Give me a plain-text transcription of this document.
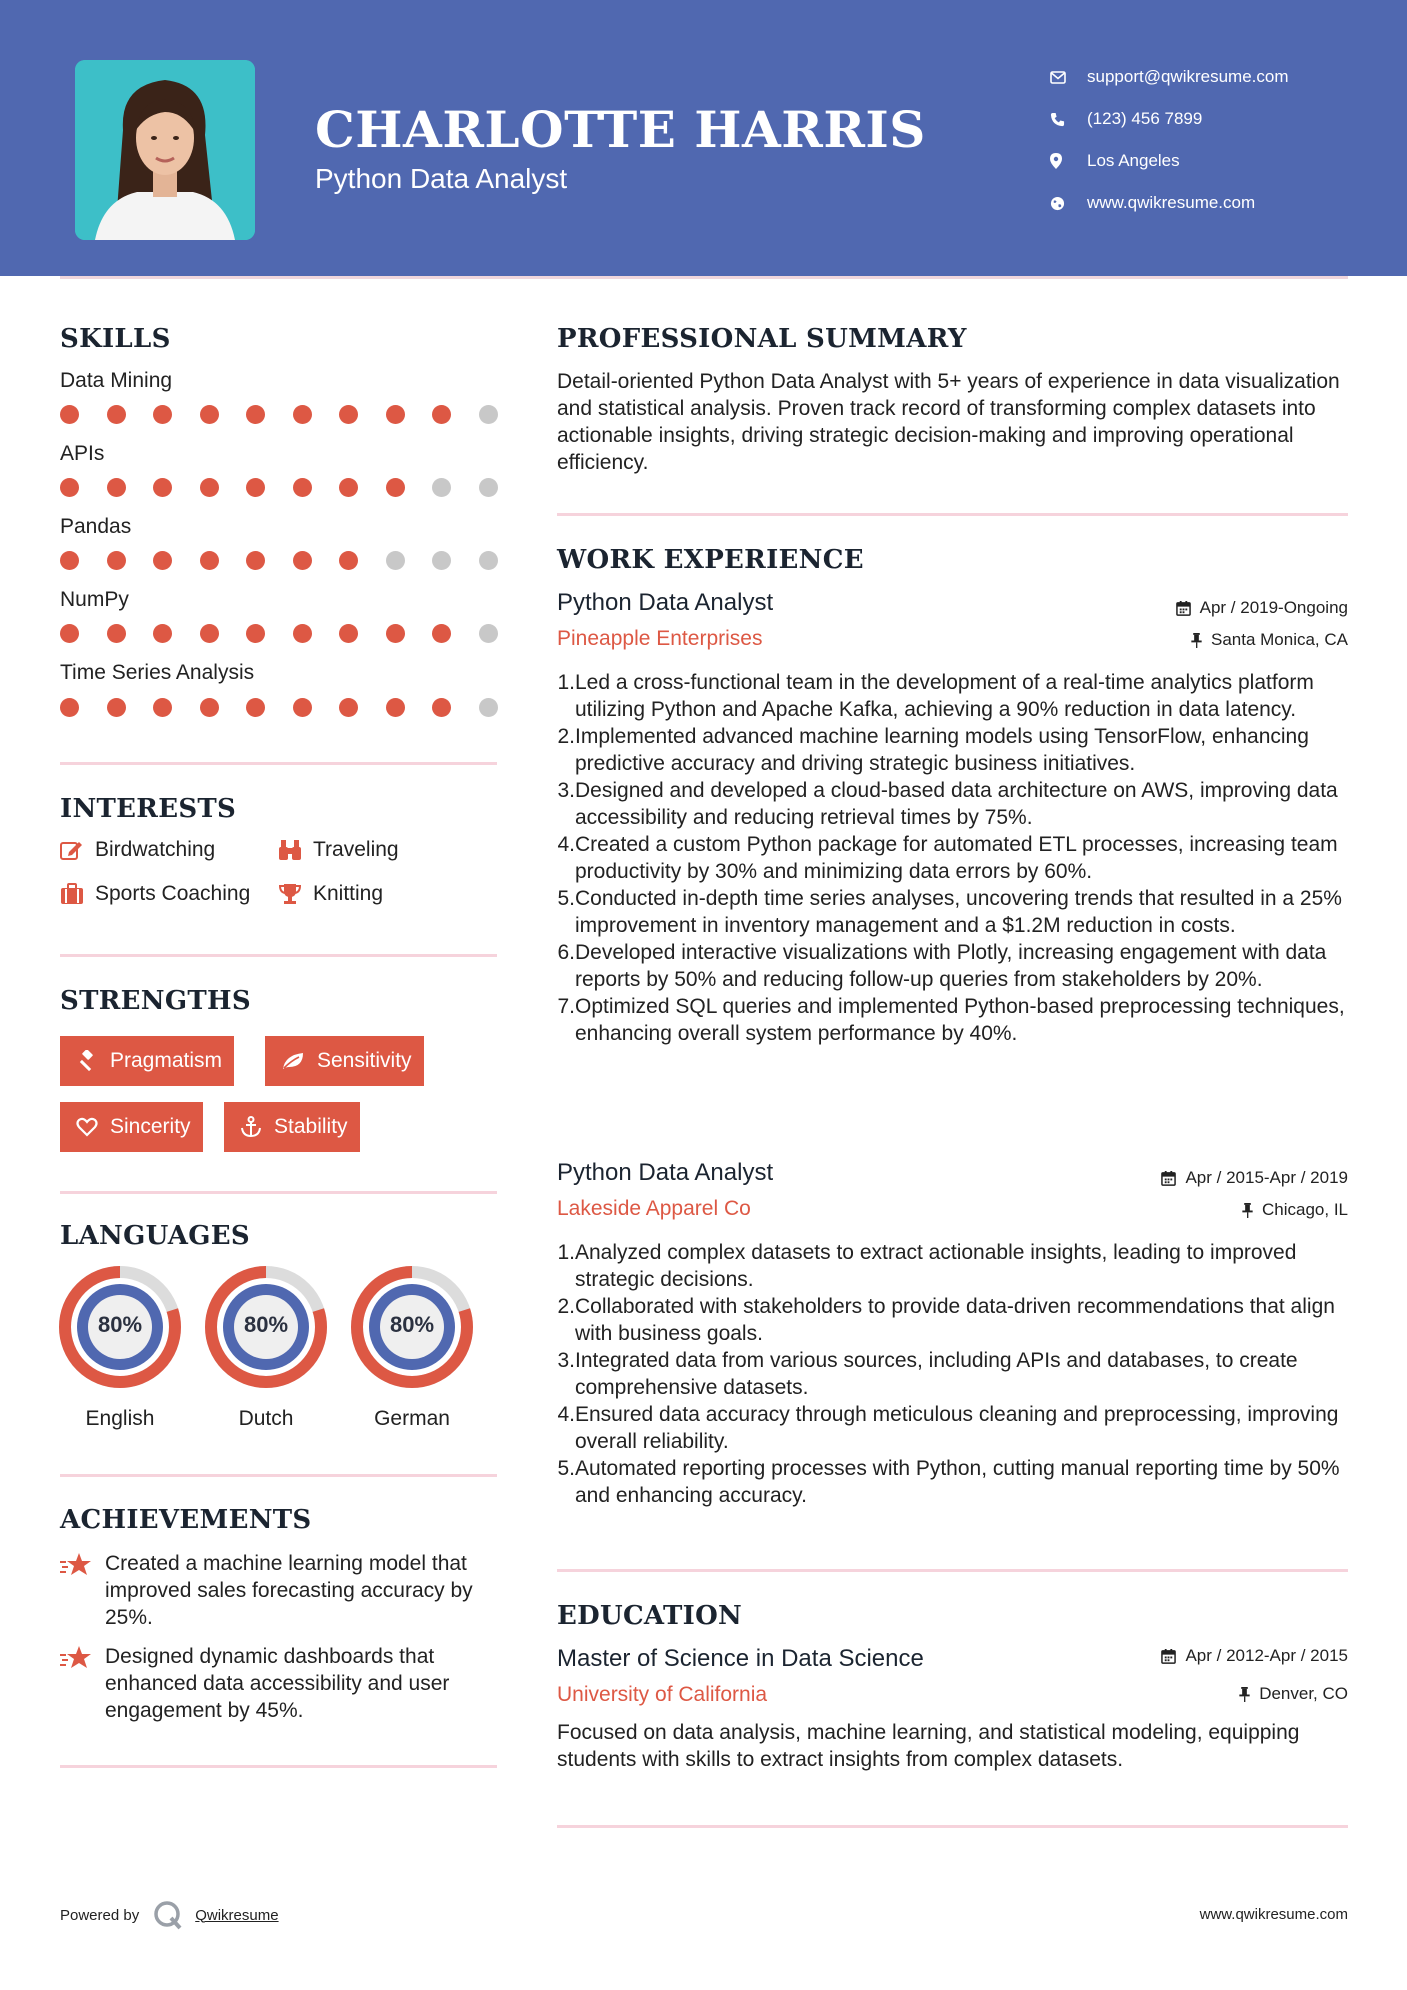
CHARLOTTE HARRIS
Python Data Analyst
support@qwikresume.com
(123) 456 7899
Los Angeles
www.qwikresume.com
SKILLS
Data Mining
APIs
Pandas
NumPy
Time Series Analysis
INTERESTS
Birdwatching	Traveling
Sports Coaching	Knitting
STRENGTHS
Pragmatism	Sensitivity
Sincerity	Stability
LANGUAGES
80%
English
80%
Dutch
80%
German
ACHIEVEMENTS
Created a machine learning model that improved sales forecasting accuracy by 25%.
Designed dynamic dashboards that enhanced data accessibility and user engagement by 45%.
PROFESSIONAL SUMMARY
Detail-oriented Python Data Analyst with 5+ years of experience in data visualization and statistical analysis. Proven track record of transforming complex datasets into actionable insights, driving strategic decision-making and improving operational efficiency.
WORK EXPERIENCE
Python Data Analyst	Apr / 2019-Ongoing
Pineapple Enterprises	Santa Monica, CA
1. Led a cross-functional team in the development of a real-time analytics platform utilizing Python and Apache Kafka, achieving a 90% reduction in data latency.
2. Implemented advanced machine learning models using TensorFlow, enhancing predictive accuracy and driving strategic business initiatives.
3. Designed and developed a cloud-based data architecture on AWS, improving data accessibility and reducing retrieval times by 75%.
4. Created a custom Python package for automated ETL processes, increasing team productivity by 30% and minimizing data errors by 60%.
5. Conducted in-depth time series analyses, uncovering trends that resulted in a 25% improvement in inventory management and a $1.2M reduction in costs.
6. Developed interactive visualizations with Plotly, increasing engagement with data reports by 50% and reducing follow-up queries from stakeholders by 20%.
7. Optimized SQL queries and implemented Python-based preprocessing techniques, enhancing overall system performance by 40%.
Python Data Analyst	Apr / 2015-Apr / 2019
Lakeside Apparel Co	Chicago, IL
1. Analyzed complex datasets to extract actionable insights, leading to improved strategic decisions.
2. Collaborated with stakeholders to provide data-driven recommendations that align with business goals.
3. Integrated data from various sources, including APIs and databases, to create comprehensive datasets.
4. Ensured data accuracy through meticulous cleaning and preprocessing, improving overall reliability.
5. Automated reporting processes with Python, cutting manual reporting time by 50% and enhancing accuracy.
EDUCATION
Master of Science in Data Science	Apr / 2012-Apr / 2015
University of California	Denver, CO
Focused on data analysis, machine learning, and statistical modeling, equipping students with skills to extract insights from complex datasets.
Powered by	Qwikresume	www.qwikresume.com
